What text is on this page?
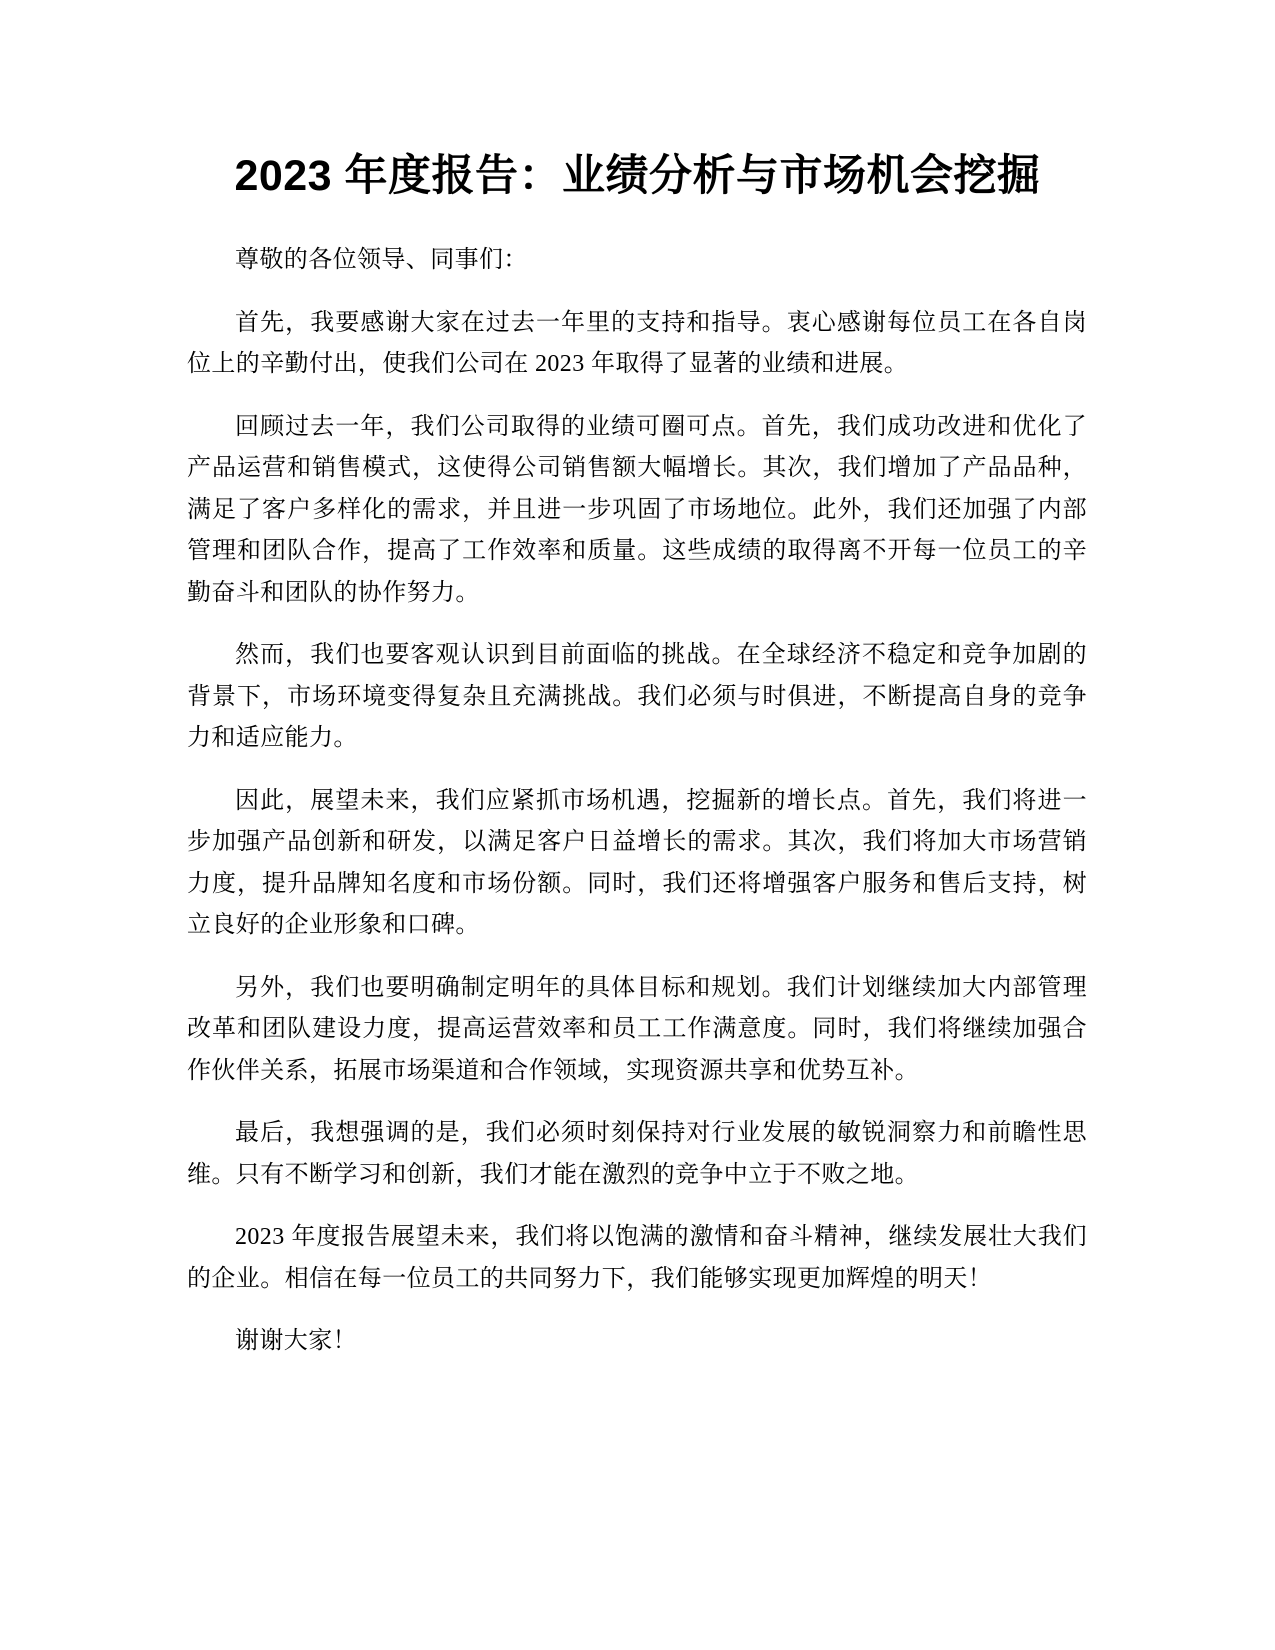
2023 年度报告：业绩分析与市场机会挖掘

尊敬的各位领导、同事们：

首先，我要感谢大家在过去一年里的支持和指导。衷心感谢每位员工在各自岗位上的辛勤付出，使我们公司在 2023 年取得了显著的业绩和进展。

回顾过去一年，我们公司取得的业绩可圈可点。首先，我们成功改进和优化了产品运营和销售模式，这使得公司销售额大幅增长。其次，我们增加了产品品种，满足了客户多样化的需求，并且进一步巩固了市场地位。此外，我们还加强了内部管理和团队合作，提高了工作效率和质量。这些成绩的取得离不开每一位员工的辛勤奋斗和团队的协作努力。

然而，我们也要客观认识到目前面临的挑战。在全球经济不稳定和竞争加剧的背景下，市场环境变得复杂且充满挑战。我们必须与时俱进，不断提高自身的竞争力和适应能力。

因此，展望未来，我们应紧抓市场机遇，挖掘新的增长点。首先，我们将进一步加强产品创新和研发，以满足客户日益增长的需求。其次，我们将加大市场营销力度，提升品牌知名度和市场份额。同时，我们还将增强客户服务和售后支持，树立良好的企业形象和口碑。

另外，我们也要明确制定明年的具体目标和规划。我们计划继续加大内部管理改革和团队建设力度，提高运营效率和员工工作满意度。同时，我们将继续加强合作伙伴关系，拓展市场渠道和合作领域，实现资源共享和优势互补。

最后，我想强调的是，我们必须时刻保持对行业发展的敏锐洞察力和前瞻性思维。只有不断学习和创新，我们才能在激烈的竞争中立于不败之地。

2023 年度报告展望未来，我们将以饱满的激情和奋斗精神，继续发展壮大我们的企业。相信在每一位员工的共同努力下，我们能够实现更加辉煌的明天！

谢谢大家！
